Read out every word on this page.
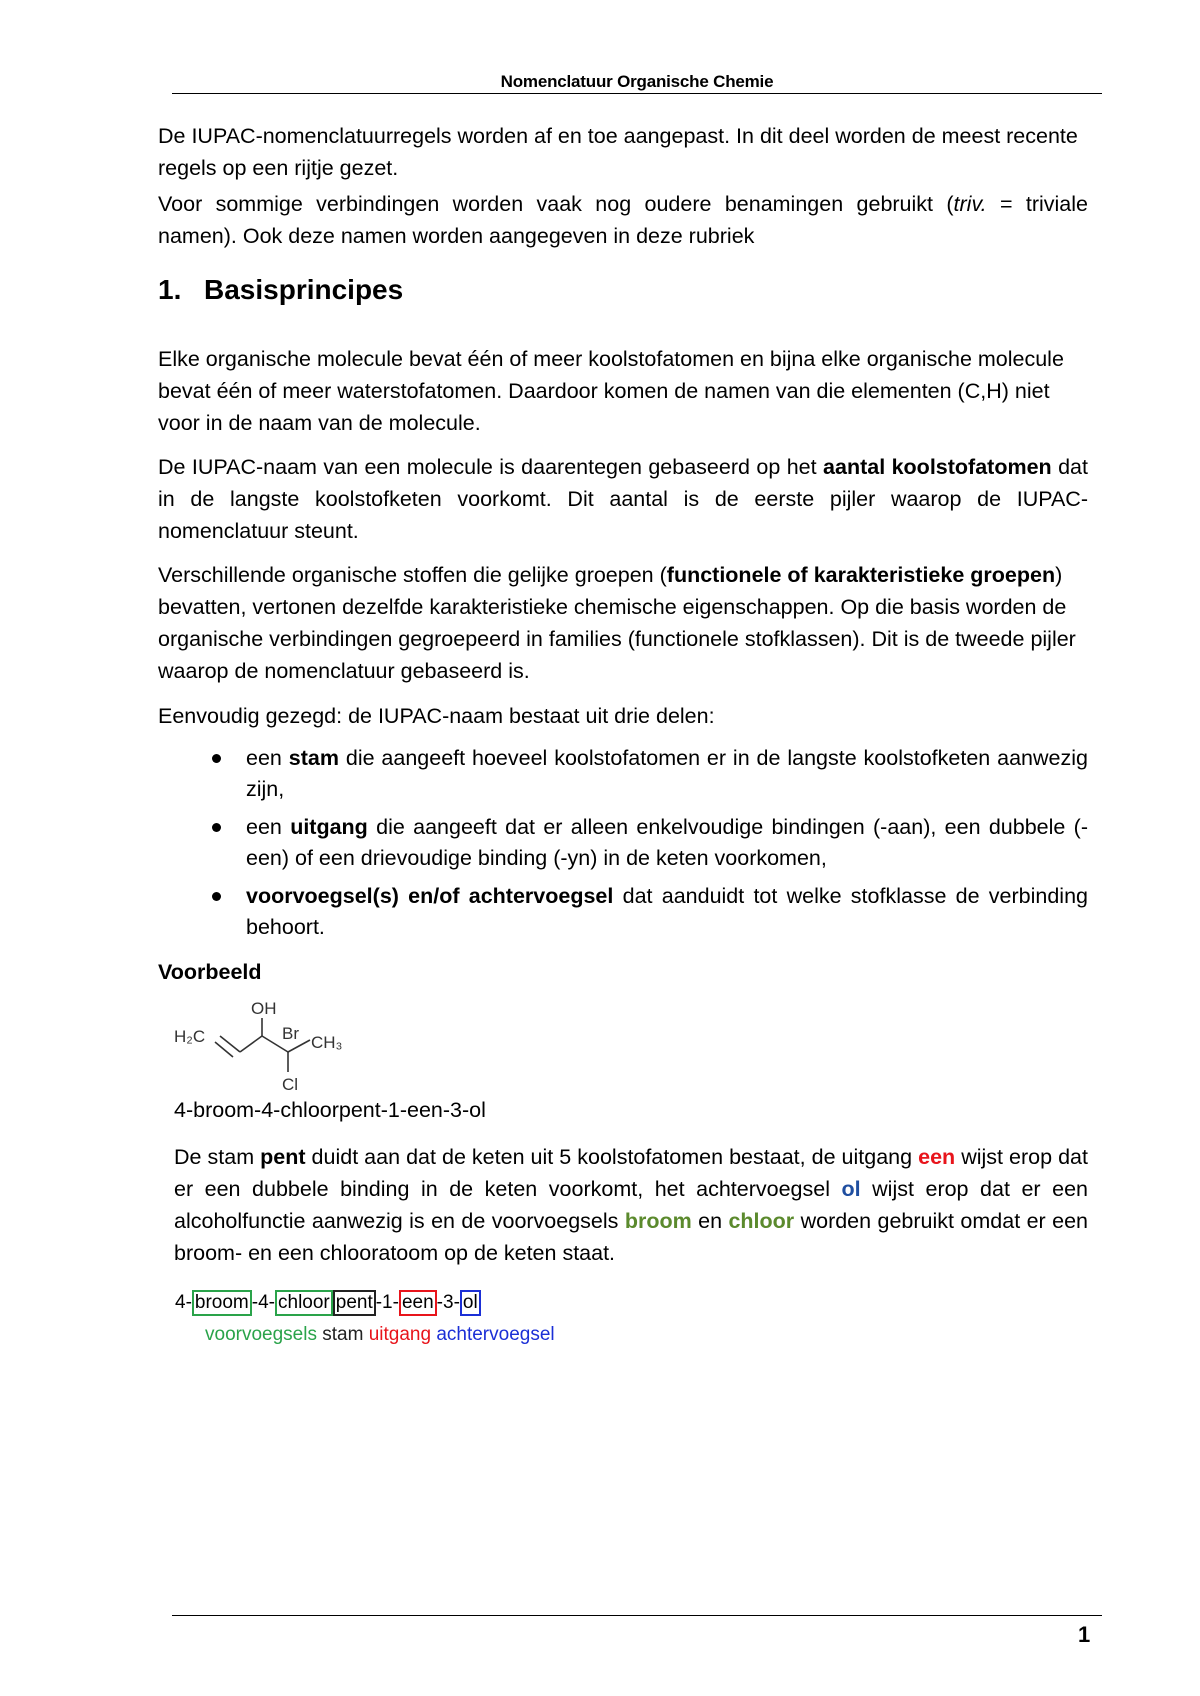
Nomenclatuur Organische Chemie

De IUPAC-nomenclatuurregels worden af en toe aangepast. In dit deel worden de meest recente regels op een rijtje gezet.

Voor sommige verbindingen worden vaak nog oudere benamingen gebruikt (triv. = triviale namen). Ook deze namen worden aangegeven in deze rubriek

1. Basisprincipes

Elke organische molecule bevat één of meer koolstofatomen en bijna elke organische molecule bevat één of meer waterstofatomen. Daardoor komen de namen van die elementen (C,H) niet voor in de naam van de molecule.

De IUPAC-naam van een molecule is daarentegen gebaseerd op het aantal koolstofatomen dat in de langste koolstofketen voorkomt. Dit aantal is de eerste pijler waarop de IUPAC-nomenclatuur steunt.

Verschillende organische stoffen die gelijke groepen (functionele of karakteristieke groepen) bevatten, vertonen dezelfde karakteristieke chemische eigenschappen. Op die basis worden de organische verbindingen gegroepeerd in families (functionele stofklassen). Dit is de tweede pijler waarop de nomenclatuur gebaseerd is.

Eenvoudig gezegd: de IUPAC-naam bestaat uit drie delen:

een stam die aangeeft hoeveel koolstofatomen er in de langste koolstofketen aanwezig zijn,
een uitgang die aangeeft dat er alleen enkelvoudige bindingen (-aan), een dubbele (-een) of een drievoudige binding (-yn) in de keten voorkomen,
voorvoegsel(s) en/of achtervoegsel dat aanduidt tot welke stofklasse de verbinding behoort.
Voorbeeld
OH
Br
H₂C	CH₃
Cl
4-broom-4-chloorpent-1-een-3-ol

De stam pent duidt aan dat de keten uit 5 koolstofatomen bestaat, de uitgang een wijst erop dat er een dubbele binding in de keten voorkomt, het achtervoegsel ol wijst erop dat er een alcoholfunctie aanwezig is en de voorvoegsels broom en chloor worden gebruikt omdat er een broom- en een chlooratoom op de keten staat.

4- broom -4- chloor pent -1- een -3- ol
voorvoegsels stam uitgang achtervoegsel
1
